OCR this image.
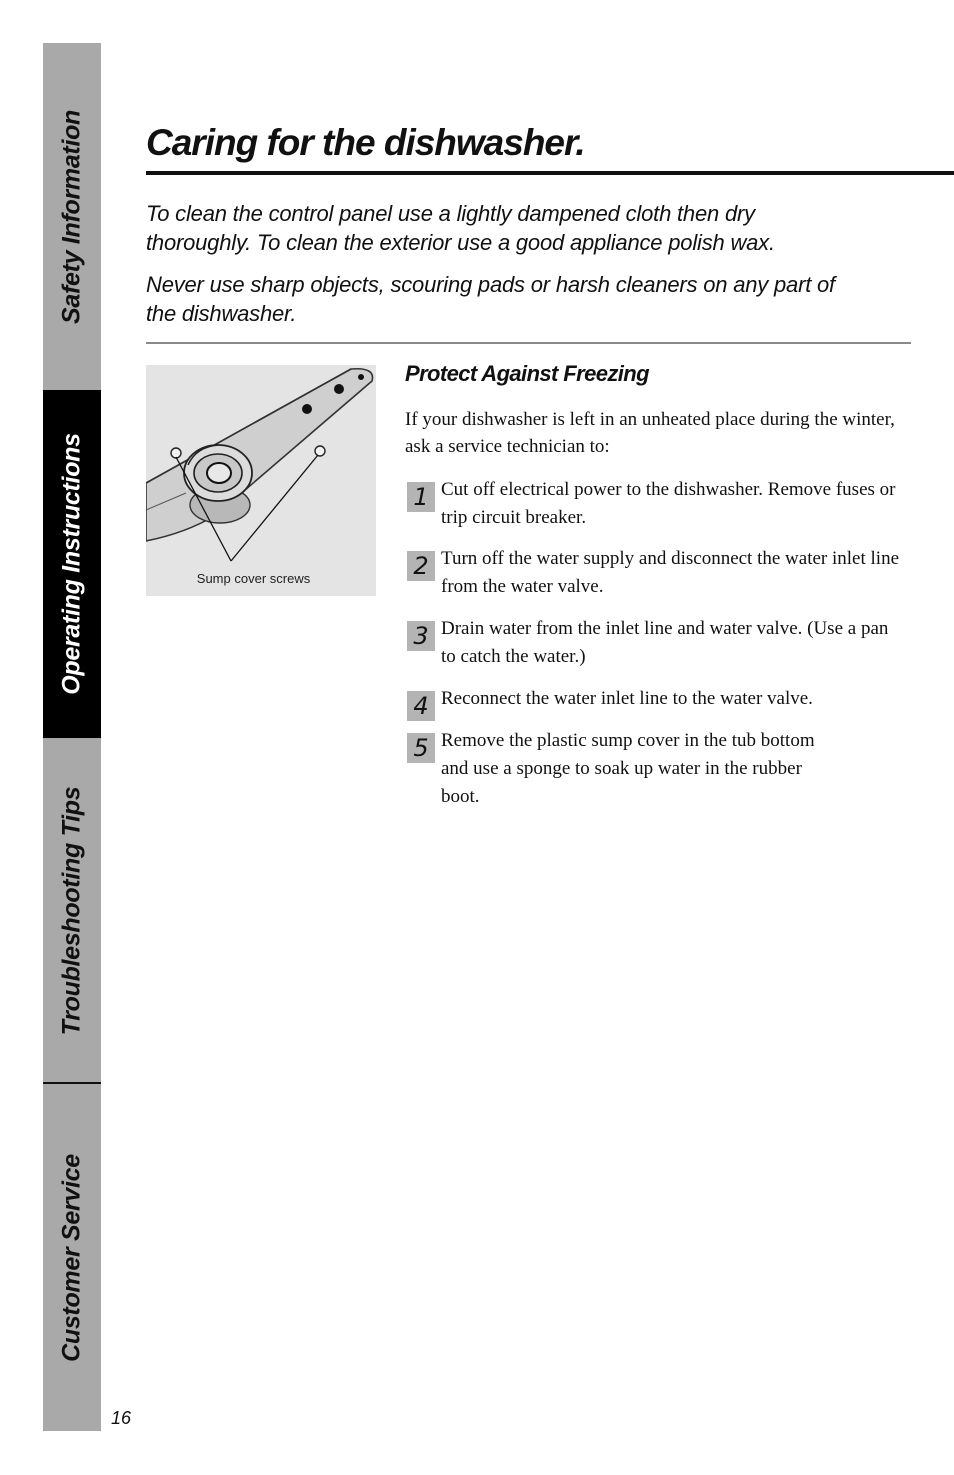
Safety Information
Operating Instructions
Troubleshooting Tips
Customer Service
Caring for the dishwasher.

To clean the control panel use a lightly dampened cloth then dry thoroughly. To clean the exterior use a good appliance polish wax.

Never use sharp objects, scouring pads or harsh cleaners on any part of the dishwasher.

Sump cover screws
Protect Against Freezing

If your dishwasher is left in an unheated place during the winter, ask a service technician to:

1 Cut off electrical power to the dishwasher. Remove fuses or trip circuit breaker.

2 Turn off the water supply and disconnect the water inlet line from the water valve.

3 Drain water from the inlet line and water valve. (Use a pan to catch the water.)

4 Reconnect the water inlet line to the water valve.

5 Remove the plastic sump cover in the tub bottom and use a sponge to soak up water in the rubber boot.

16
